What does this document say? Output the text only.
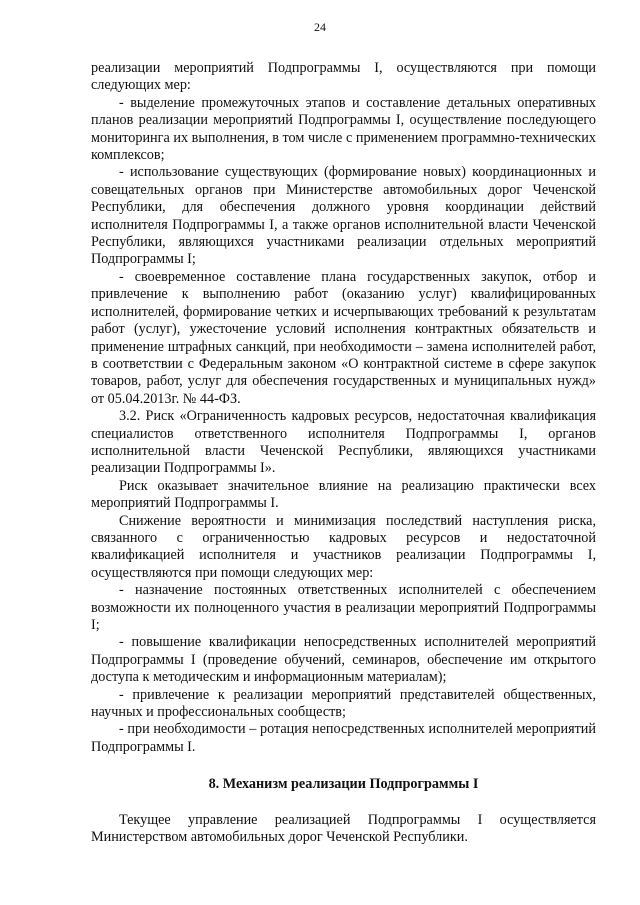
24

реализации мероприятий Подпрограммы I, осуществляются при помощи следующих мер:

- выделение промежуточных этапов и составление детальных оперативных планов реализации мероприятий Подпрограммы I, осуществление последующего мониторинга их выполнения, в том числе с применением программно-технических комплексов;

- использование существующих (формирование новых) координационных и совещательных органов при Министерстве автомобильных дорог Чеченской Республики, для обеспечения должного уровня координации действий исполнителя Подпрограммы I, а также органов исполнительной власти Чеченской Республики, являющихся участниками реализации отдельных мероприятий Подпрограммы I;

- своевременное составление плана государственных закупок, отбор и привлечение к выполнению работ (оказанию услуг) квалифицированных исполнителей, формирование четких и исчерпывающих требований к результатам работ (услуг), ужесточение условий исполнения контрактных обязательств и применение штрафных санкций, при необходимости – замена исполнителей работ, в соответствии с Федеральным законом «О контрактной системе в сфере закупок товаров, работ, услуг для обеспечения государственных и муниципальных нужд» от 05.04.2013г. № 44-ФЗ.

3.2. Риск «Ограниченность кадровых ресурсов, недостаточная квалификация специалистов ответственного исполнителя Подпрограммы I, органов исполнительной власти Чеченской Республики, являющихся участниками реализации Подпрограммы I».

Риск оказывает значительное влияние на реализацию практически всех мероприятий Подпрограммы I.

Снижение вероятности и минимизация последствий наступления риска, связанного с ограниченностью кадровых ресурсов и недостаточной квалификацией исполнителя и участников реализации Подпрограммы I, осуществляются при помощи следующих мер:

- назначение постоянных ответственных исполнителей с обеспечением возможности их полноценного участия в реализации мероприятий Подпрограммы I;

- повышение квалификации непосредственных исполнителей мероприятий Подпрограммы I (проведение обучений, семинаров, обеспечение им открытого доступа к методическим и информационным материалам);

- привлечение к реализации мероприятий представителей общественных, научных и профессиональных сообществ;

- при необходимости – ротация непосредственных исполнителей мероприятий Подпрограммы I.

8. Механизм реализации Подпрограммы I

Текущее управление реализацией Подпрограммы I осуществляется Министерством автомобильных дорог Чеченской Республики.
